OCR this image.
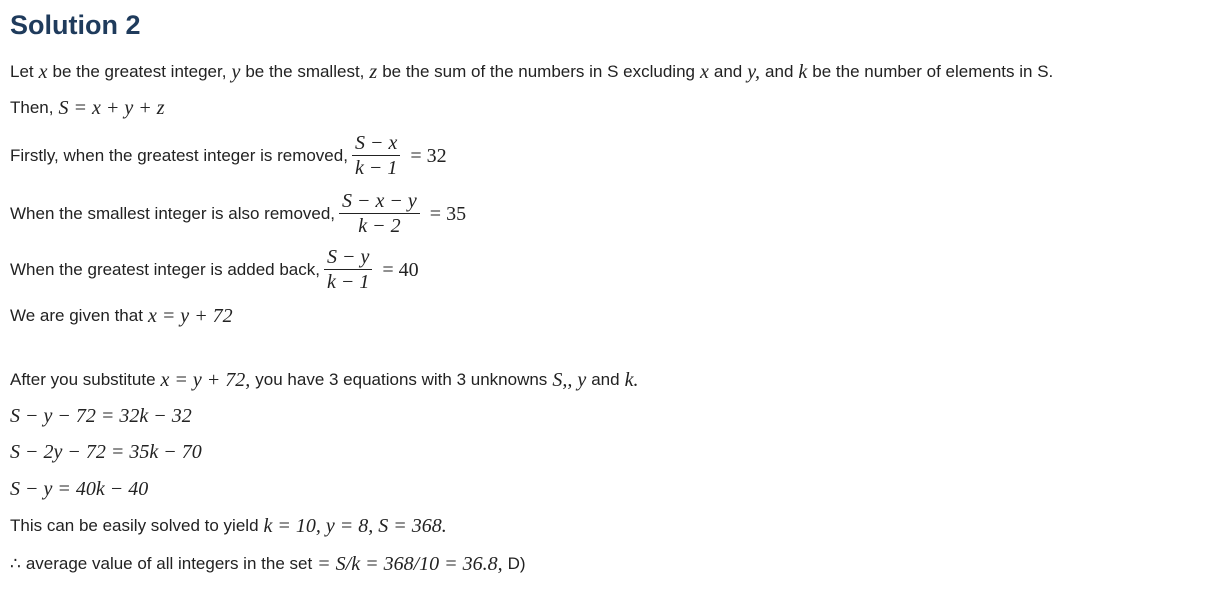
Solution 2
Let x be the greatest integer, y be the smallest, z be the sum of the numbers in S excluding x and y, and k be the number of elements in S.
Then, S = x + y + z
Firstly, when the greatest integer is removed, $\frac{S - x}{k - 1} = 32$
When the smallest integer is also removed, $\frac{S - x - y}{k - 2} = 35$
When the greatest integer is added back, $\frac{S - y}{k - 1} = 40$
We are given that x = y + 72
After you substitute x = y + 72, you have 3 equations with 3 unknowns S,, y and k.
S − y − 72 = 32k − 32
S − 2y − 72 = 35k − 70
S − y = 40k − 40
This can be easily solved to yield k = 10, y = 8, S = 368.
∴ average value of all integers in the set = S/k = 368/10 = 36.8, D)
